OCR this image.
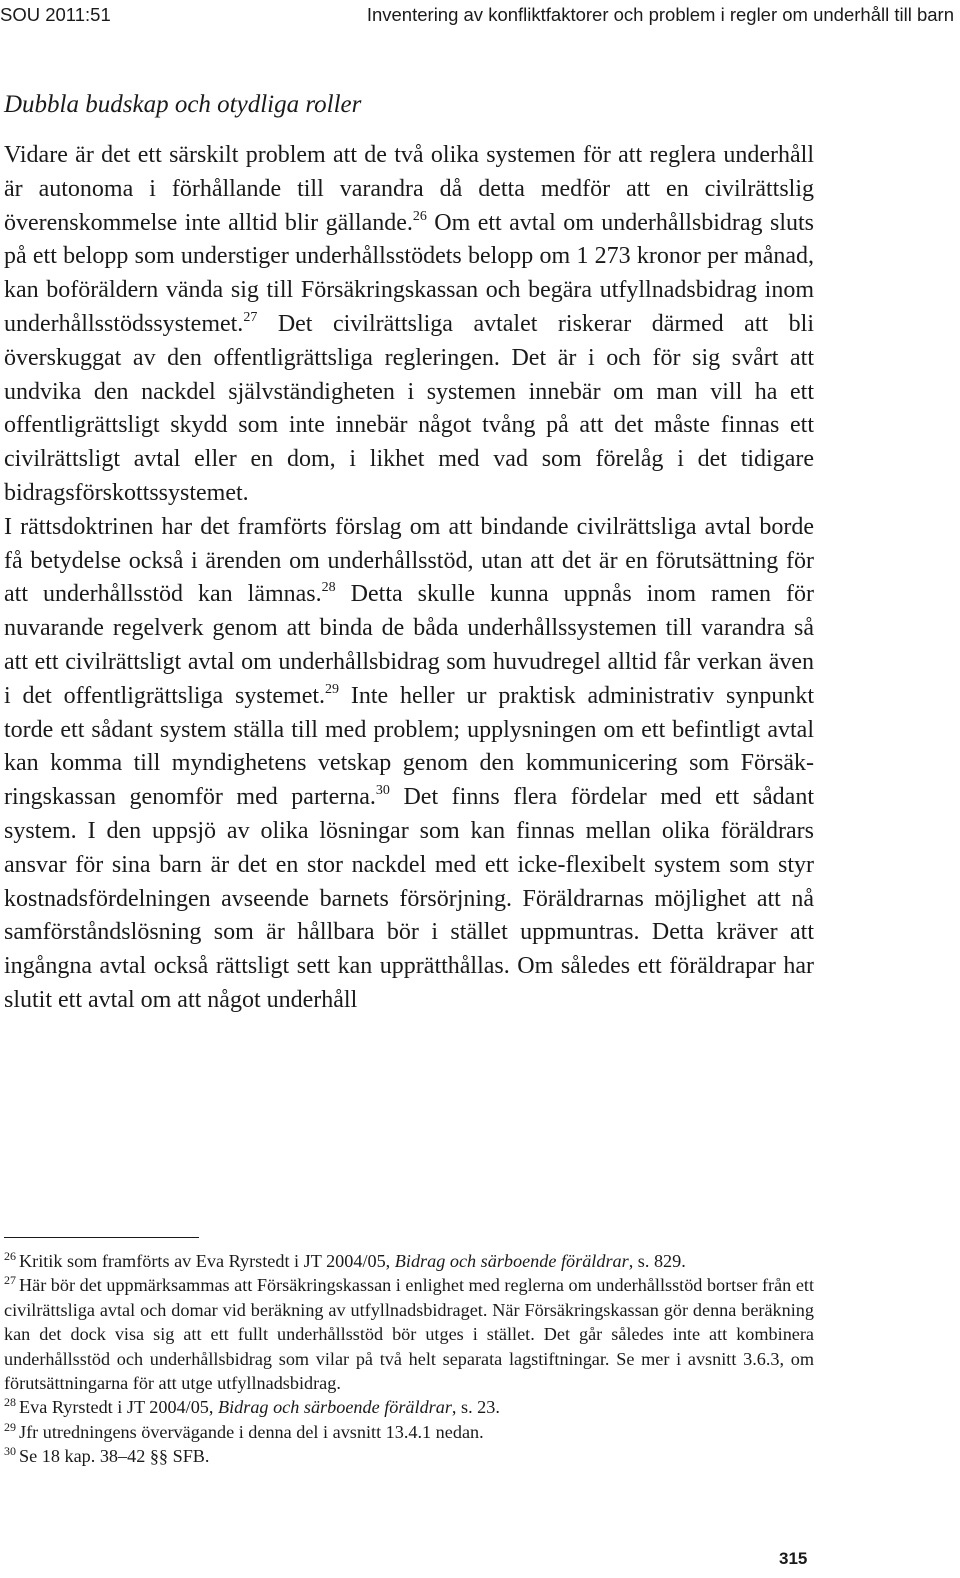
SOU 2011:51	Inventering av konfliktfaktorer och problem i regler om underhåll till barn
Dubbla budskap och otydliga roller

Vidare är det ett särskilt problem att de två olika systemen för att reglera underhåll är autonoma i förhållande till varandra då detta medför att en civilrättslig överenskommelse inte alltid blir gällande.$^{26}$ Om ett avtal om underhållsbidrag sluts på ett belopp som understiger underhållsstödets belopp om 1 273 kronor per månad, kan boföräldern vända sig till Försäkringskassan och begära utfyllnadsbidrag inom underhållsstödssystemet.$^{27}$ Det civilrättsliga avtalet riskerar därmed att bli överskuggat av den offentligrättsliga regleringen. Det är i och för sig svårt att undvika den nackdel självständigheten i systemen innebär om man vill ha ett offentligrättsligt skydd som inte innebär något tvång på att det måste finnas ett civilrättsligt avtal eller en dom, i likhet med vad som förelåg i det tidigare bidragsförskottssystemet.

I rättsdoktrinen har det framförts förslag om att bindande civilrättsliga avtal borde få betydelse också i ärenden om underhållsstöd, utan att det är en förutsättning för att underhållsstöd kan lämnas.$^{28}$ Detta skulle kunna uppnås inom ramen för nuvarande regelverk genom att binda de båda underhållssystemen till varandra så att ett civilrättsligt avtal om underhållsbidrag som huvudregel alltid får verkan även i det offentligrättsliga systemet.$^{29}$ Inte heller ur praktisk administrativ synpunkt torde ett sådant system ställa till med problem; upplysningen om ett befintligt avtal kan komma till myndighetens vetskap genom den kommunicering som Försäkringskassan genomför med parterna.$^{30}$ Det finns flera fördelar med ett sådant system. I den uppsjö av olika lösningar som kan finnas mellan olika föräldrars ansvar för sina barn är det en stor nackdel med ett icke-flexibelt system som styr kostnadsfördelningen avseende barnets försörjning. Föräldrarnas möjlighet att nå samförståndslösning som är hållbara bör i stället uppmuntras. Detta kräver att ingångna avtal också rättsligt sett kan upprätthållas. Om således ett föräldrapar har slutit ett avtal om att något underhåll

$^{26}$ Kritik som framförts av Eva Ryrstedt i JT 2004/05, Bidrag och särboende föräldrar, s. 829.

$^{27}$ Här bör det uppmärksammas att Försäkringskassan i enlighet med reglerna om underhållsstöd bortser från ett civilrättsliga avtal och domar vid beräkning av utfyllnadsbidraget. När Försäkringskassan gör denna beräkning kan det dock visa sig att ett fullt underhållsstöd bör utges i stället. Det går således inte att kombinera underhållsstöd och underhållsbidrag som vilar på två helt separata lagstiftningar. Se mer i avsnitt 3.6.3, om förutsättningarna för att utge utfyllnadsbidrag.

$^{28}$ Eva Ryrstedt i JT 2004/05, Bidrag och särboende föräldrar, s. 23.

$^{29}$ Jfr utredningens övervägande i denna del i avsnitt 13.4.1 nedan.

$^{30}$ Se 18 kap. 38–42 §§ SFB.

315
